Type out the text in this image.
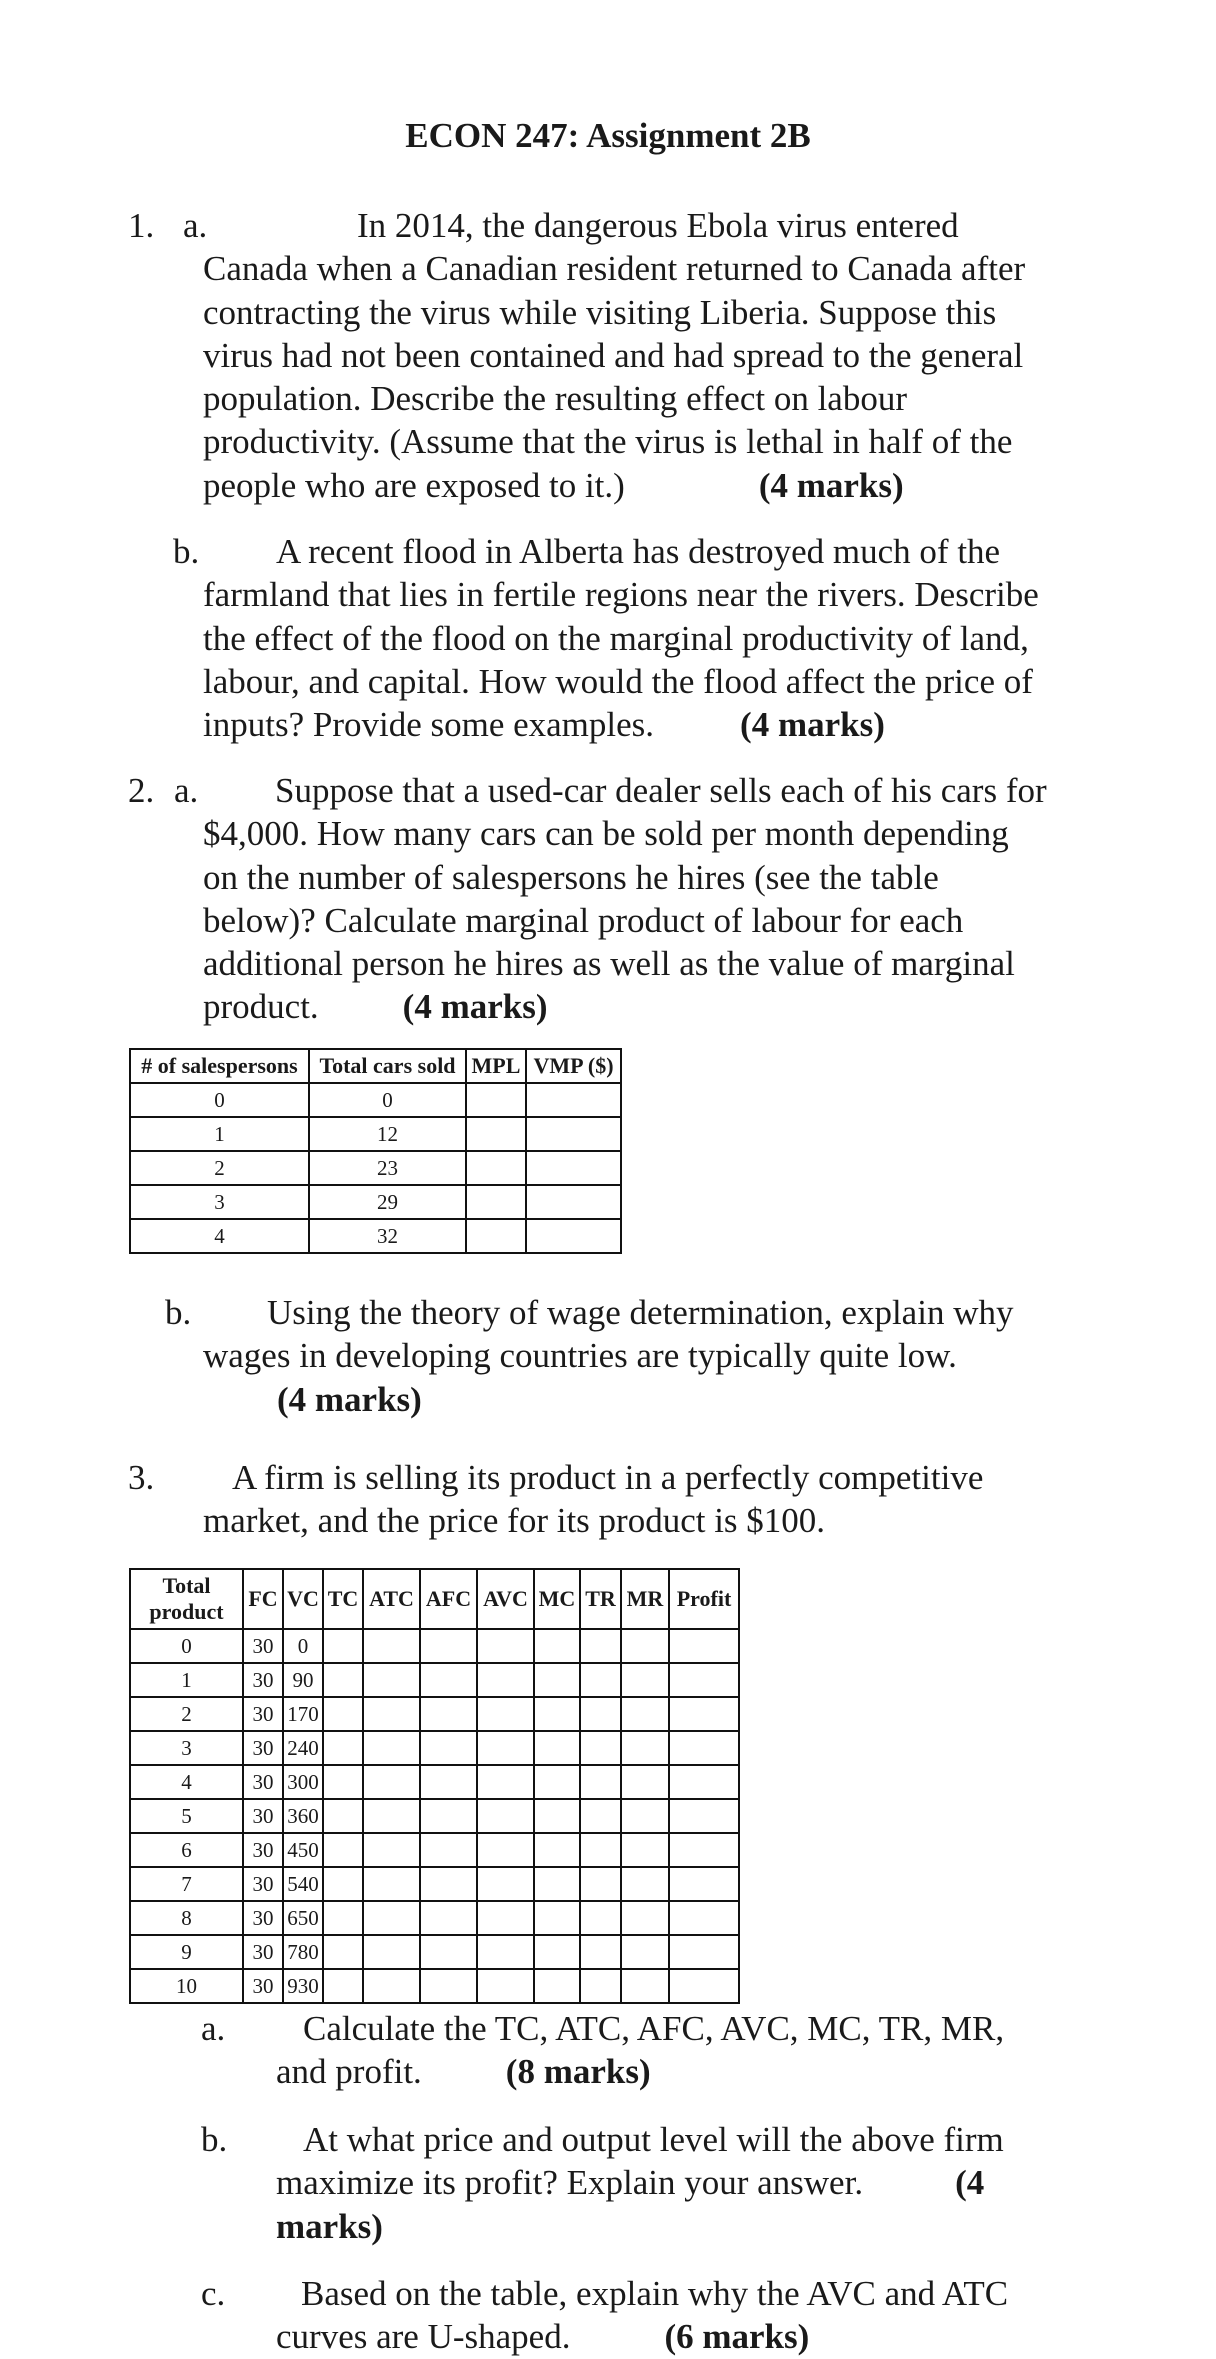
ECON 247: Assignment 2B
1. a.	In 2014, the dangerous Ebola virus entered

Canada when a Canadian resident returned to Canada after

contracting the virus while visiting Liberia. Suppose this

virus had not been contained and had spread to the general

population. Describe the resulting effect on labour

productivity. (Assume that the virus is lethal in half of the

people who are exposed to it.)	(4 marks)

b.	A recent flood in Alberta has destroyed much of the

farmland that lies in fertile regions near the rivers. Describe

the effect of the flood on the marginal productivity of land,

labour, and capital. How would the flood affect the price of

inputs? Provide some examples. (4 marks)

2. a.	Suppose that a used-car dealer sells each of his cars for

$4,000. How many cars can be sold per month depending

on the number of salespersons he hires (see the table

below)? Calculate marginal product of labour for each

additional person he hires as well as the value of marginal

product. (4 marks)

# of salespersons	Total cars sold	MPL	VMP ($)
0	0		
1	12		
2	23		
3	29		
4	32		
b.	Using the theory of wage determination, explain why

wages in developing countries are typically quite low.

(4 marks)

3.	A firm is selling its product in a perfectly competitive

market, and the price for its product is $100.

Total product	FC	VC	TC	ATC	AFC	AVC	MC	TR	MR	Profit
0	30	0								
1	30	90								
2	30	170								
3	30	240								
4	30	300								
5	30	360								
6	30	450								
7	30	540								
8	30	650								
9	30	780								
10	30	930								
a.	Calculate the TC, ATC, AFC, AVC, MC, TR, MR,

and profit. (8 marks)

b.	At what price and output level will the above firm

maximize its profit? Explain your answer.	(4

marks)

c.	Based on the table, explain why the AVC and ATC

curves are U-shaped.	(6 marks)
